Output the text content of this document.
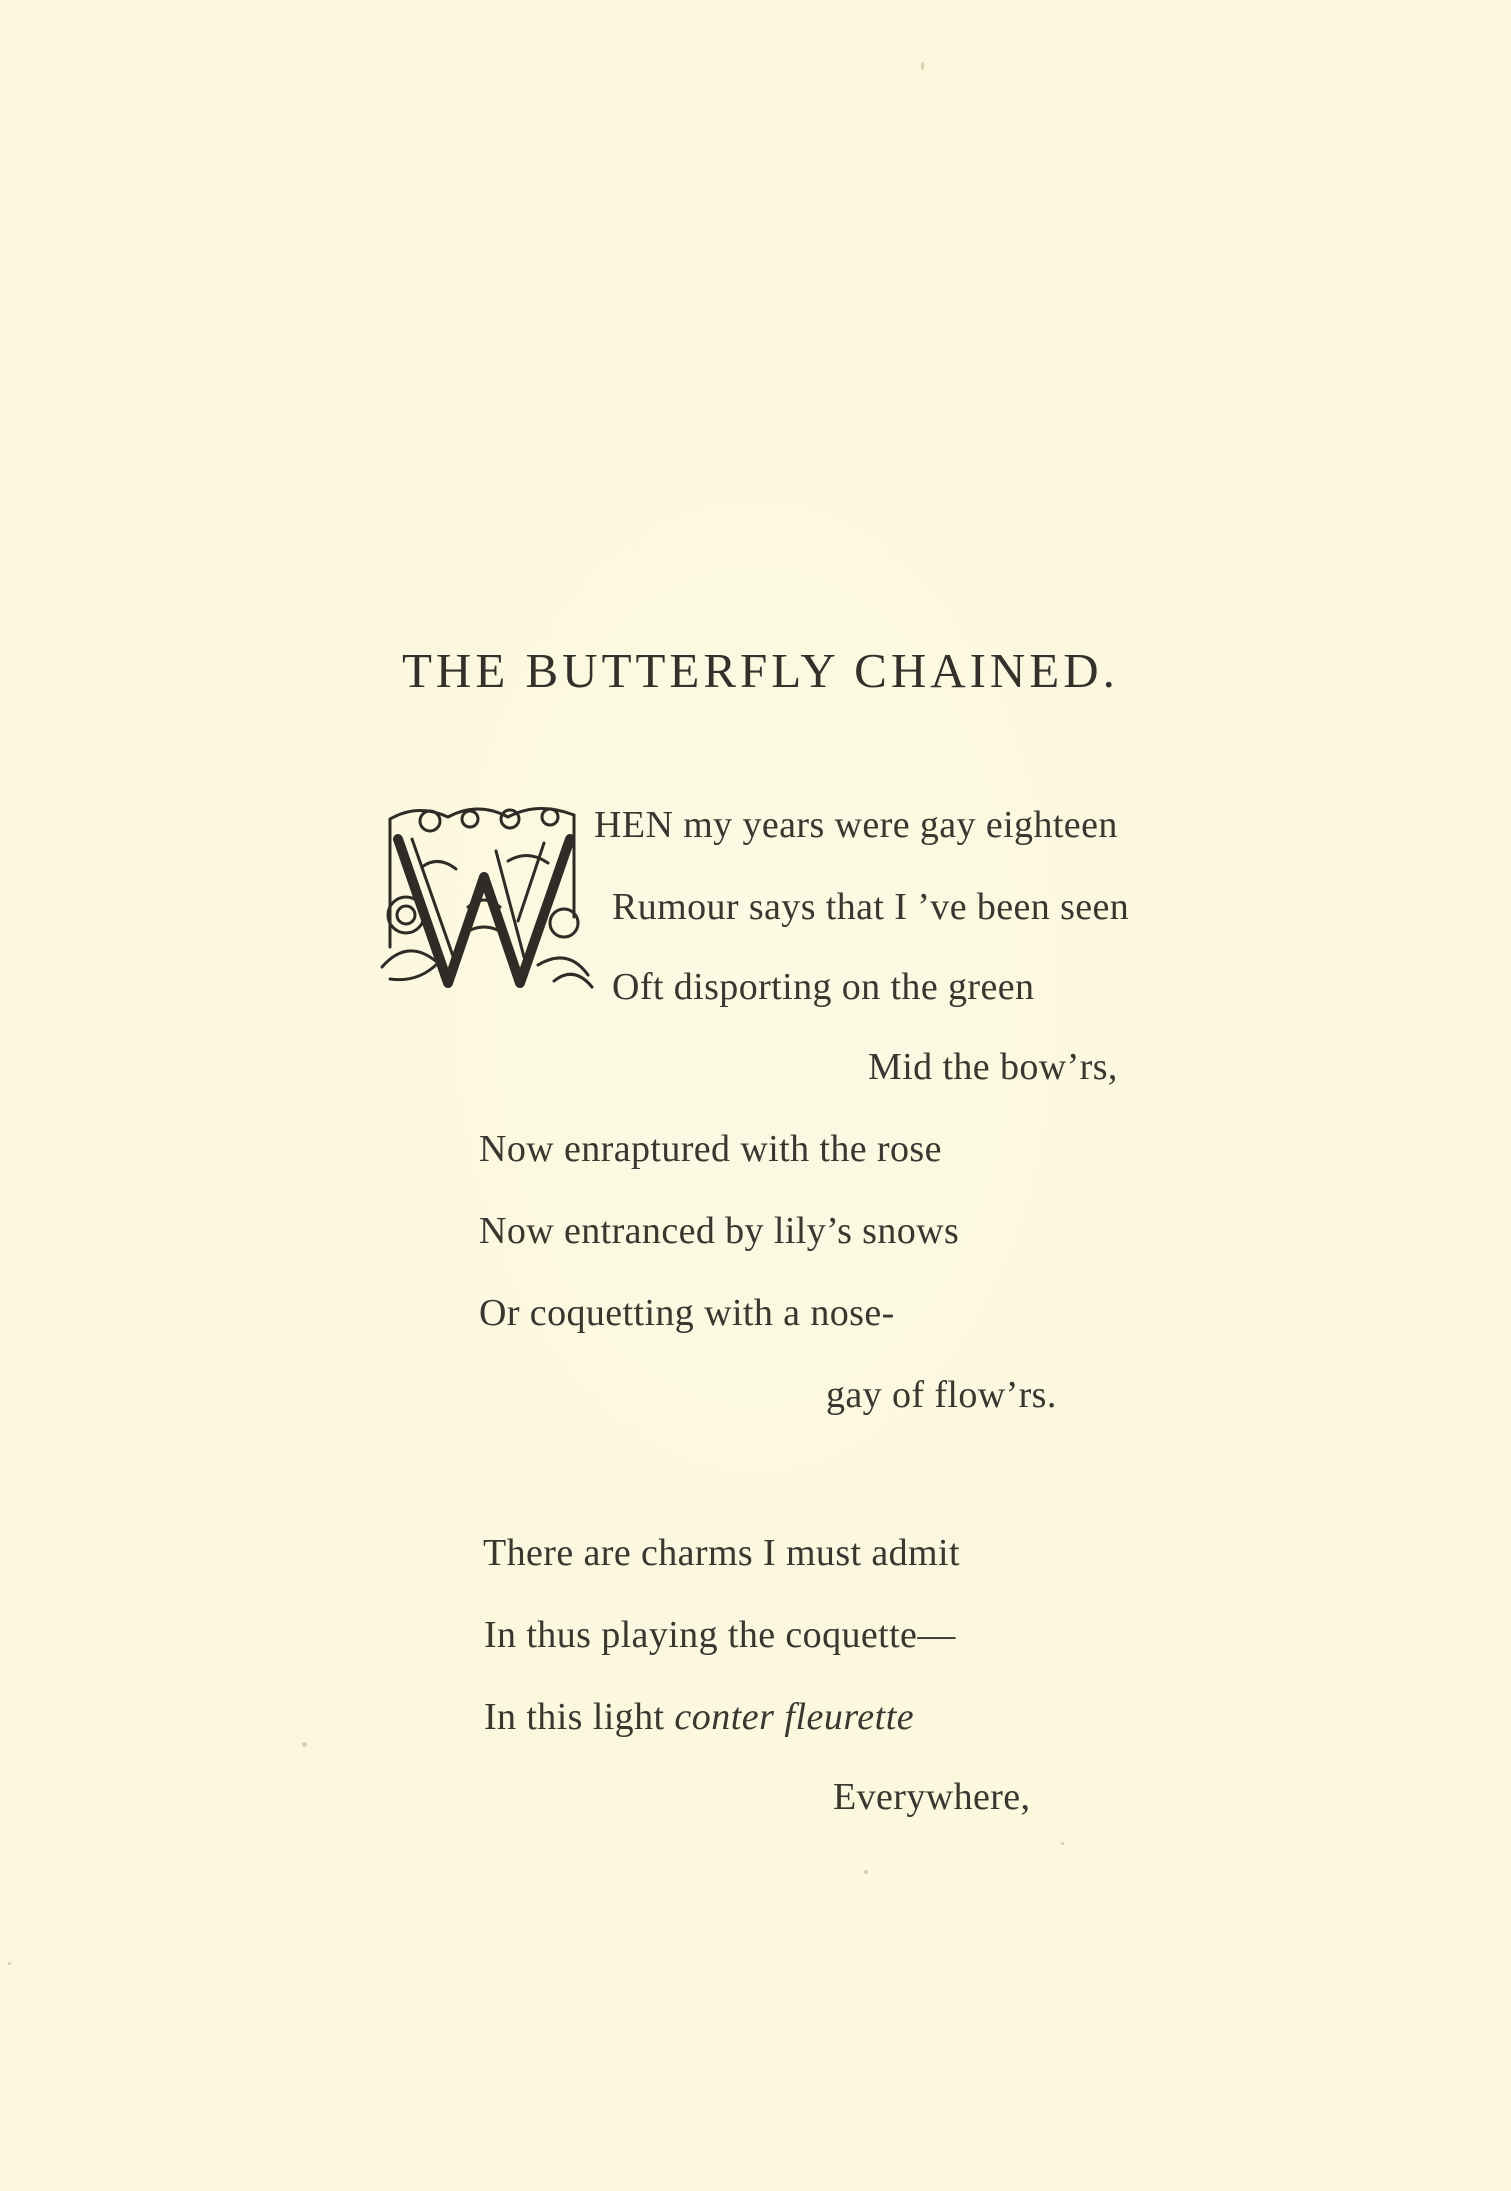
THE BUTTERFLY CHAINED.
HEN my years were gay eighteen
Rumour says that I ’ve been seen
Oft disporting on the green
Mid the bow’rs,
Now enraptured with the rose
Now entranced by lily’s snows
Or coquetting with a nose-
gay of flow’rs.
There are charms I must admit
In thus playing the coquette—
In this light conter fleurette
Everywhere,
